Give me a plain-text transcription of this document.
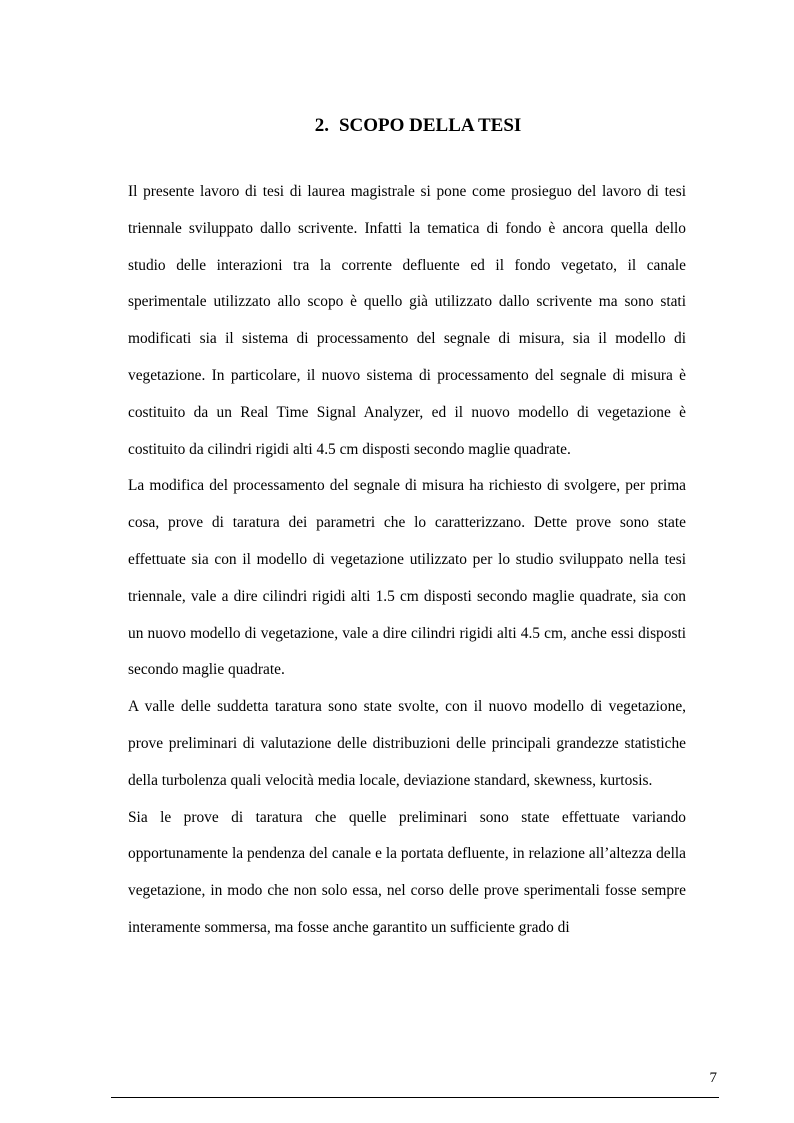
2. SCOPO DELLA TESI

Il presente lavoro di tesi di laurea magistrale si pone come prosieguo del lavoro di tesi triennale sviluppato dallo scrivente. Infatti la tematica di fondo è ancora quella dello studio delle interazioni tra la corrente defluente ed il fondo vegetato, il canale sperimentale utilizzato allo scopo è quello già utilizzato dallo scrivente ma sono stati modificati sia il sistema di processamento del segnale di misura, sia il modello di vegetazione. In particolare, il nuovo sistema di processamento del segnale di misura è costituito da un Real Time Signal Analyzer, ed il nuovo modello di vegetazione è costituito da cilindri rigidi alti 4.5 cm disposti secondo maglie quadrate.

La modifica del processamento del segnale di misura ha richiesto di svolgere, per prima cosa, prove di taratura dei parametri che lo caratterizzano. Dette prove sono state effettuate sia con il modello di vegetazione utilizzato per lo studio sviluppato nella tesi triennale, vale a dire cilindri rigidi alti 1.5 cm disposti secondo maglie quadrate, sia con un nuovo modello di vegetazione, vale a dire cilindri rigidi alti 4.5 cm, anche essi disposti secondo maglie quadrate.

A valle delle suddetta taratura sono state svolte, con il nuovo modello di vegetazione, prove preliminari di valutazione delle distribuzioni delle principali grandezze statistiche della turbolenza quali velocità media locale, deviazione standard, skewness, kurtosis.

Sia le prove di taratura che quelle preliminari sono state effettuate variando opportunamente la pendenza del canale e la portata defluente, in relazione all’altezza della vegetazione, in modo che non solo essa, nel corso delle prove sperimentali fosse sempre interamente sommersa, ma fosse anche garantito un sufficiente grado di

7
